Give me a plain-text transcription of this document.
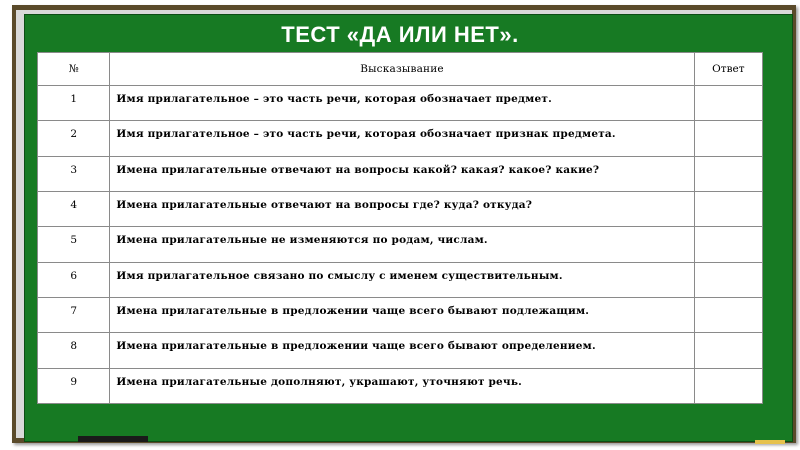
ТЕСТ «ДА ИЛИ НЕТ».
№	Высказывание	Ответ
1	Имя прилагательное – это часть речи, которая обозначает предмет.	
2	Имя прилагательное – это часть речи, которая обозначает признак предмета.	
3	Имена прилагательные отвечают на вопросы какой? какая? какое? какие?	
4	Имена прилагательные отвечают на вопросы где? куда? откуда?	
5	Имена прилагательные не изменяются по родам, числам.	
6	Имя прилагательное связано по смыслу с именем существительным.	
7	Имена прилагательные в предложении чаще всего бывают подлежащим.	
8	Имена прилагательные в предложении чаще всего бывают определением.	
9	Имена прилагательные дополняют, украшают, уточняют речь.	
